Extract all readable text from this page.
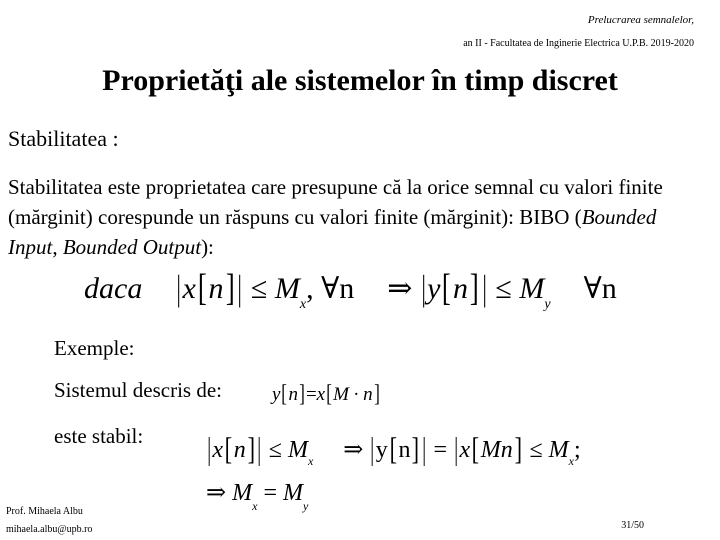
Prelucrarea semnalelor,
an II - Facultatea de Inginerie Electrica U.P.B. 2019-2020
Proprietăţi ale sistemelor în timp discret
Stabilitatea :
Stabilitatea este proprietatea care presupune că la orice semnal cu valori finite (mărginit) corespunde un răspuns cu valori finite (mărginit): BIBO (Bounded Input, Bounded Output):
daca $|x[n]| \le M_x$, ∀n ⇒ $|y[n]| \le M_y$ ∀n
Exemple:
Sistemul descris de:	y[n]=x[M · n]
este stabil: $|x[n]| \le M_x$ ⇒ $|y[n]| = |x[Mn] \le M_x$;
⇒ $M_x = M_y$
Prof. Mihaela Albu
mihaela.albu@upb.ro	31/50
